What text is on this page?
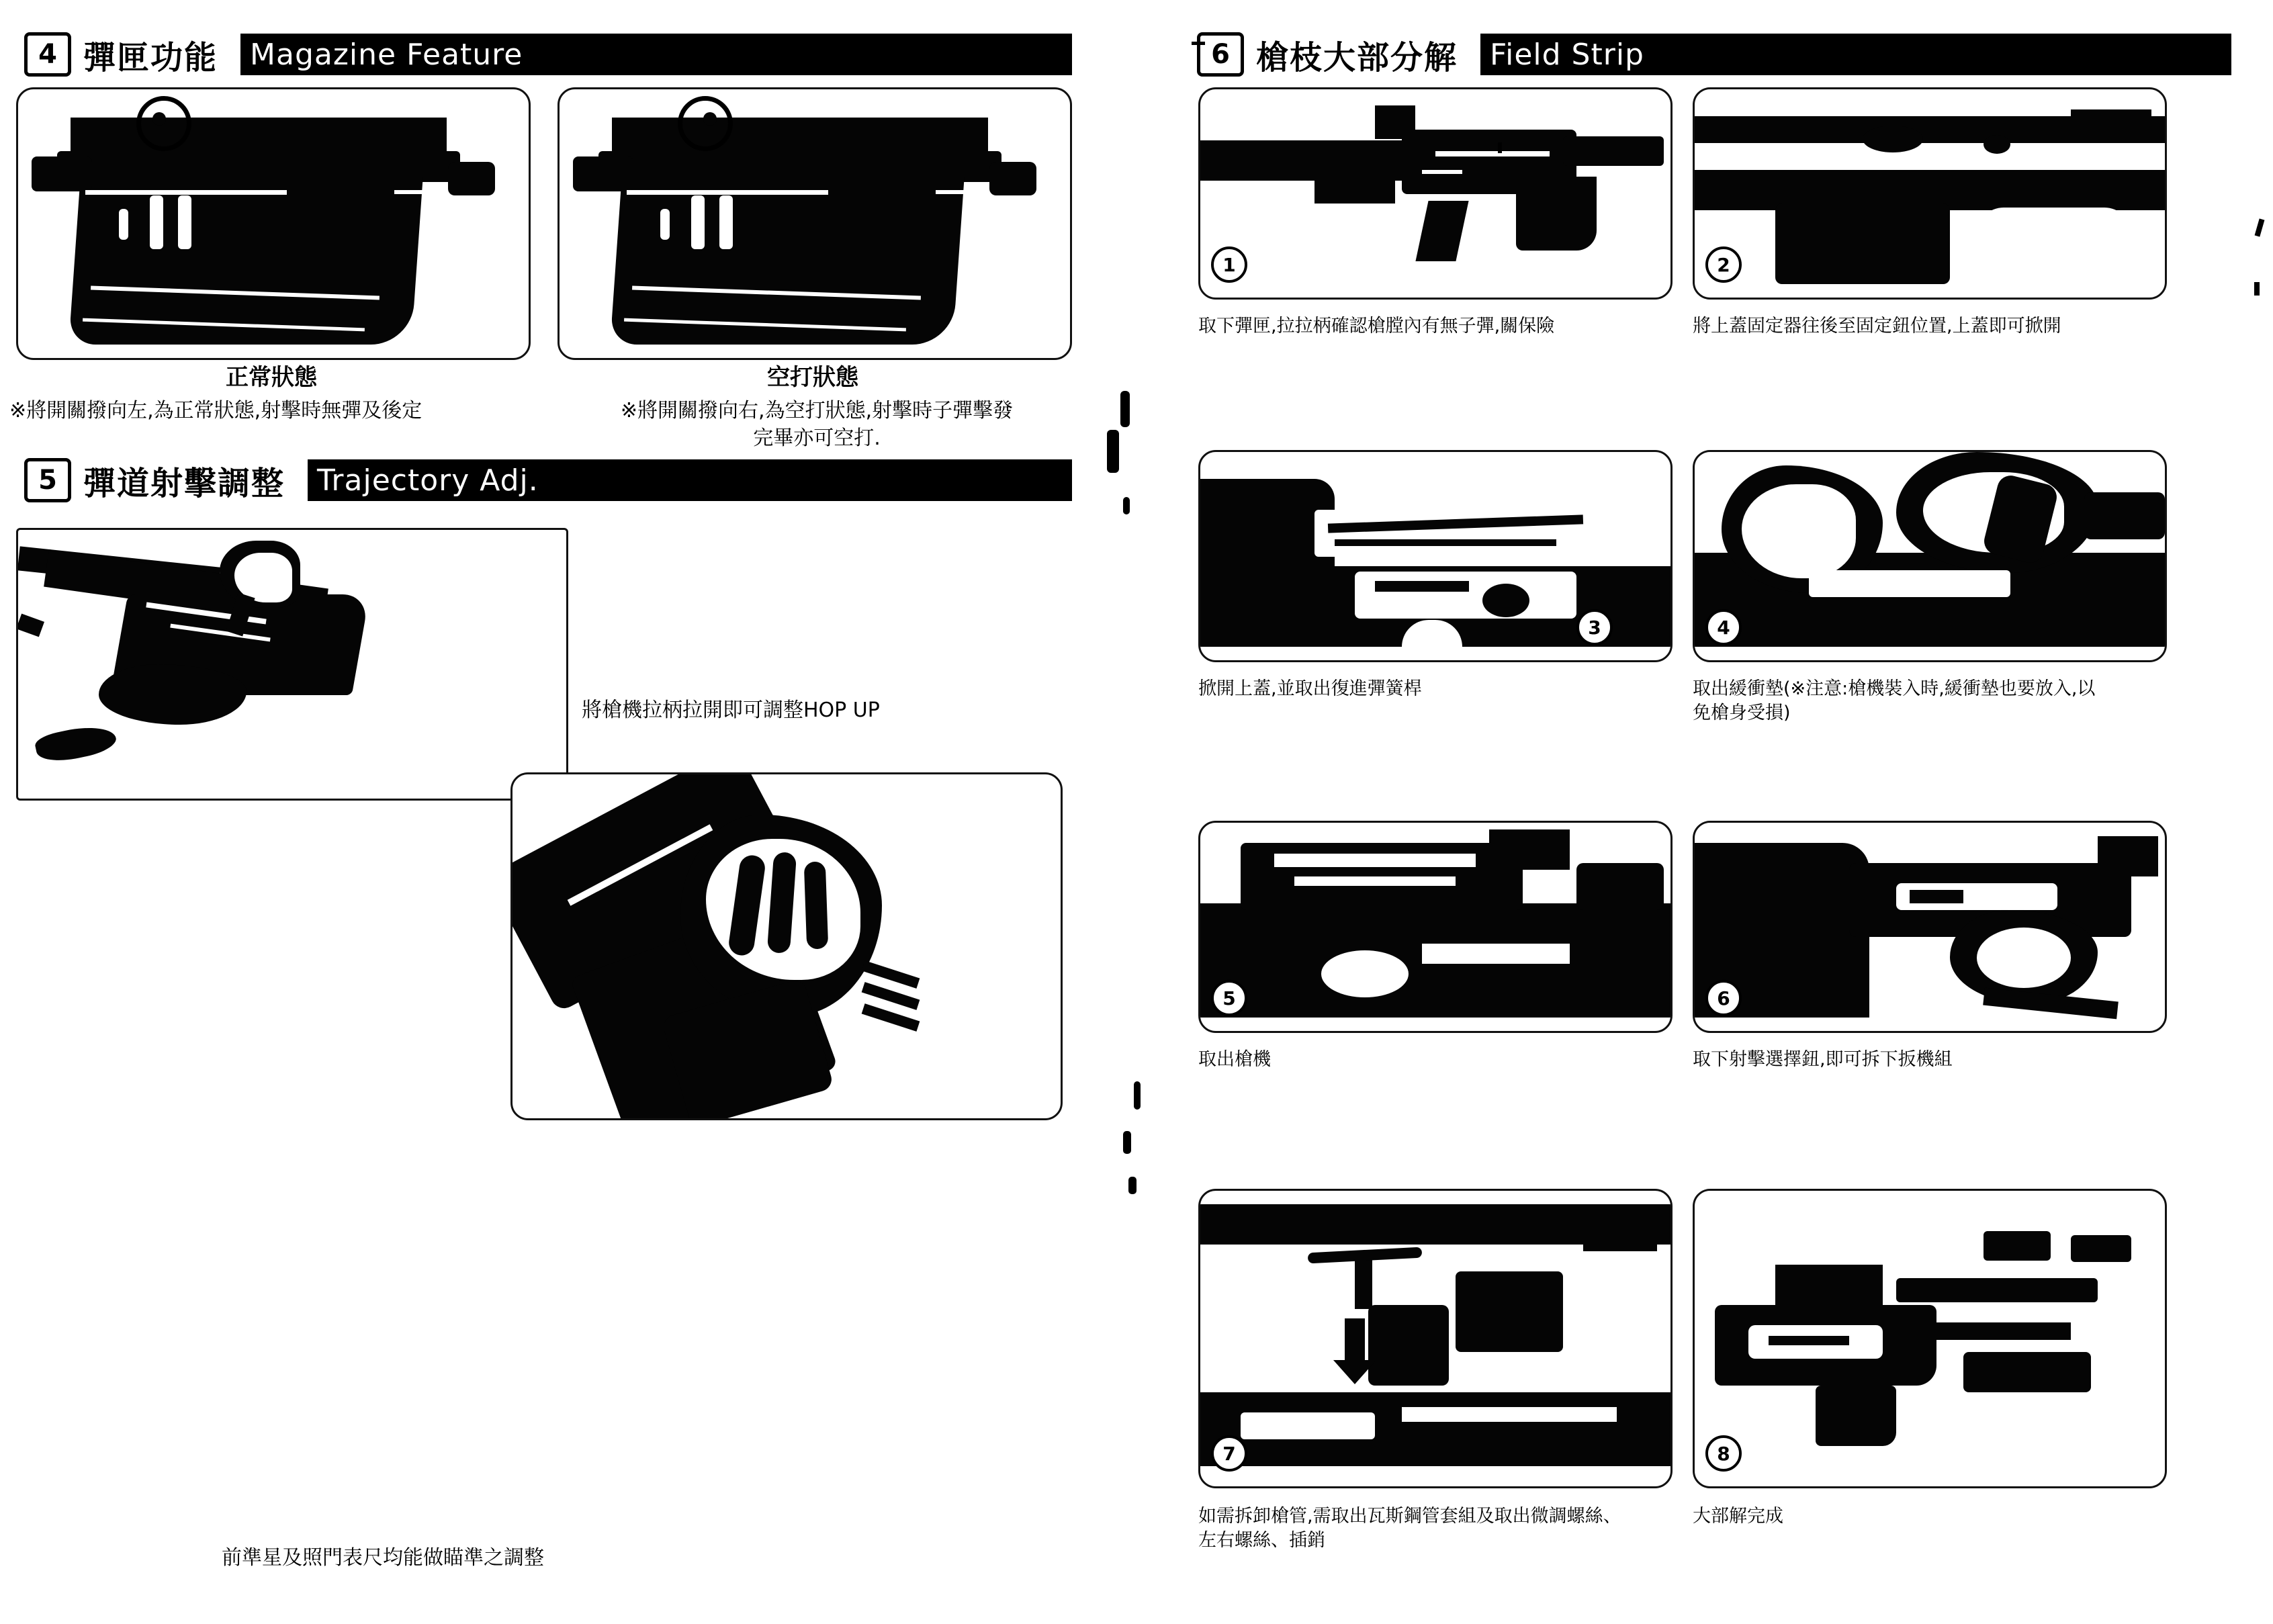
4 彈匣功能	Magazine Feature
正常狀態
※將開關撥向左,為正常狀態,射擊時無彈及後定
空打狀態
※將開關撥向右,為空打狀態,射擊時子彈擊發
完畢亦可空打.
5 彈道射擊調整	Trajectory Adj.
將槍機拉柄拉開即可調整HOP UP
前準星及照門表尺均能做瞄準之調整
6 槍枝大部分解	Field Strip
1
取下彈匣,拉拉柄確認槍膛內有無子彈,關保險
2
將上蓋固定器往後至固定鈕位置,上蓋即可掀開
3
掀開上蓋,並取出復進彈簧桿
4
取出緩衝墊(※注意:槍機裝入時,緩衝墊也要放入,以
免槍身受損)
5
取出槍機
6
取下射擊選擇鈕,即可拆下扳機組
7
如需拆卸槍管,需取出瓦斯鋼管套組及取出微調螺絲、
左右螺絲、插銷
8
大部解完成
